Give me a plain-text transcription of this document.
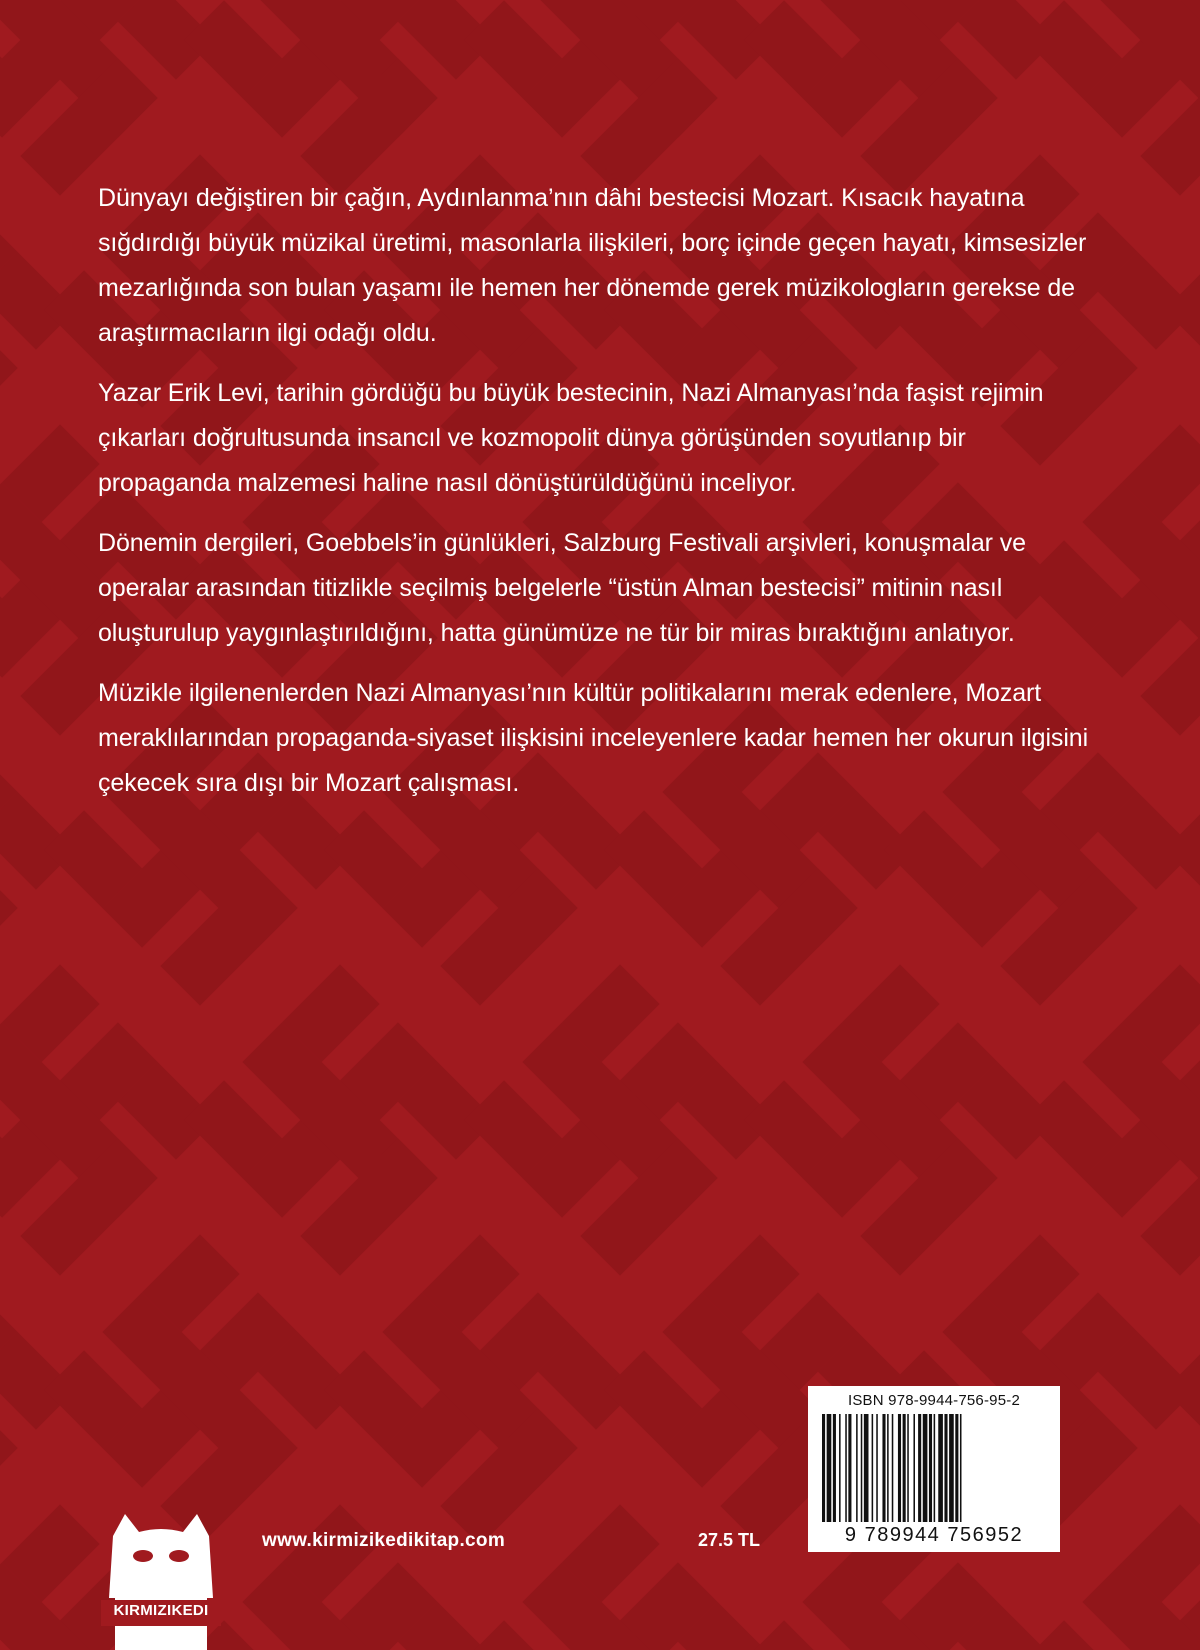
Dünyayı değiştiren bir çağın, Aydınlanma’nın dâhi bestecisi Mozart. Kısacık hayatına sığdırdığı büyük müzikal üretimi, masonlarla ilişkileri, borç içinde geçen hayatı, kimsesizler mezarlığında son bulan yaşamı ile hemen her dönemde gerek müzikologların gerekse de araştırmacıların ilgi odağı oldu.

Yazar Erik Levi, tarihin gördüğü bu büyük bestecinin, Nazi Almanyası’nda faşist rejimin çıkarları doğrultusunda insancıl ve kozmopolit dünya görüşünden soyutlanıp bir propaganda malzemesi haline nasıl dönüştürüldüğünü inceliyor.

Dönemin dergileri, Goebbels’in günlükleri, Salzburg Festivali arşivleri, konuşmalar ve operalar arasından titizlikle seçilmiş belgelerle “üstün Alman bestecisi” mitinin nasıl oluşturulup yaygınlaştırıldığını, hatta günümüze ne tür bir miras bıraktığını anlatıyor.

Müzikle ilgilenenlerden Nazi Almanyası’nın kültür politikalarını merak edenlere, Mozart meraklılarından propaganda-siyaset ilişkisini inceleyenlere kadar hemen her okurun ilgisini çekecek sıra dışı bir Mozart çalışması.

KIRMIZIKEDI
www.kirmizikedikitap.com	27.5 TL
ISBN 978-9944-756-95-2
9 789944 756952
